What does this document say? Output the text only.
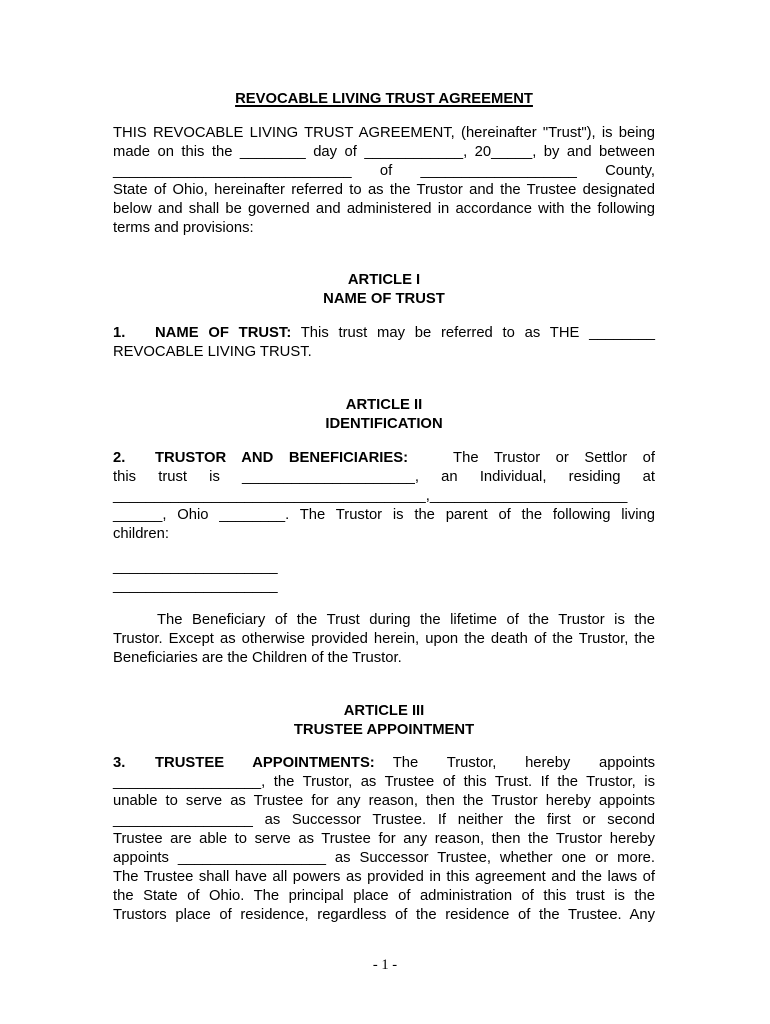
REVOCABLE LIVING TRUST AGREEMENT
THIS REVOCABLE LIVING TRUST AGREEMENT, (hereinafter "Trust"), is being
made on this the ________ day of ____________, 20_____, by and between
_____________________________ of ___________________ County,
State of Ohio, hereinafter referred to as the Trustor and the Trustee designated
below and shall be governed and administered in accordance with the following
terms and provisions:
ARTICLE I
NAME OF TRUST
1. NAME OF TRUST: This trust may be referred to as THE ________
REVOCABLE LIVING TRUST.
ARTICLE II
IDENTIFICATION
2. TRUSTOR AND BENEFICIARIES:	The Trustor or Settlor of
this trust is _____________________, an Individual, residing at
______________________________________,________________________
______, Ohio ________. The Trustor is the parent of the following living
children:
____________________
____________________
The Beneficiary of the Trust during the lifetime of the Trustor is the
Trustor. Except as otherwise provided herein, upon the death of the Trustor, the
Beneficiaries are the Children of the Trustor.
ARTICLE III
TRUSTEE APPOINTMENT
3. TRUSTEE APPOINTMENTS: The Trustor, hereby appoints
__________________, the Trustor, as Trustee of this Trust. If the Trustor, is
unable to serve as Trustee for any reason, then the Trustor hereby appoints
_________________ as Successor Trustee. If neither the first or second
Trustee are able to serve as Trustee for any reason, then the Trustor hereby
appoints __________________ as Successor Trustee, whether one or more.
The Trustee shall have all powers as provided in this agreement and the laws of
the State of Ohio. The principal place of administration of this trust is the
Trustors place of residence, regardless of the residence of the Trustee. Any
- 1 -
